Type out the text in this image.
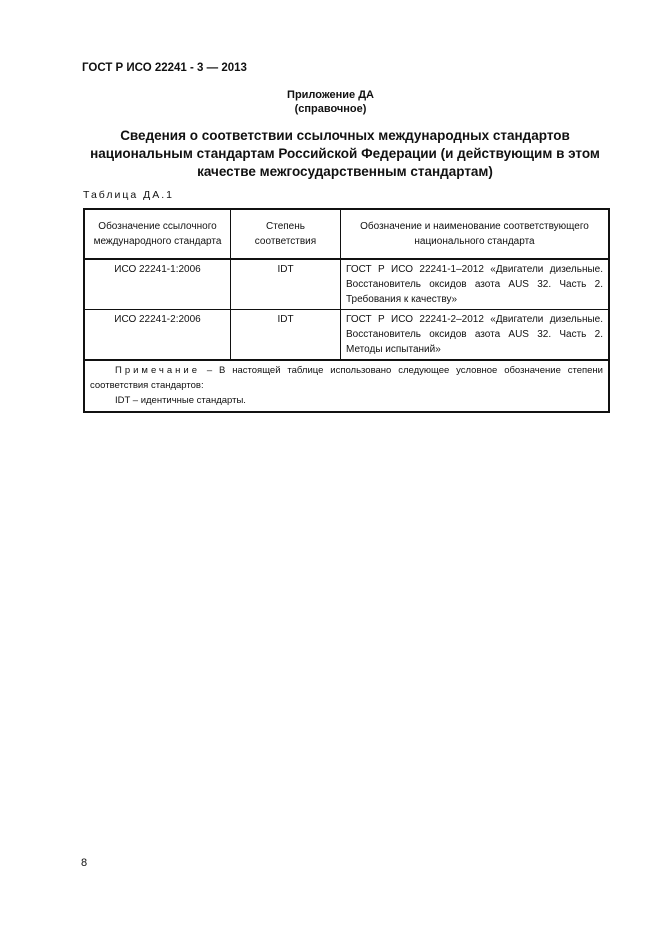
ГОСТ Р ИСО 22241 - 3 — 2013
Приложение ДА
(справочное)
Сведения о соответствии ссылочных международных стандартов национальным стандартам Российской Федерации (и действующим в этом качестве межгосударственным стандартам)
Таблица ДА.1
Обозначение ссылочного международного стандарта	Степень соответствия	Обозначение и наименование соответствующего национального стандарта
ИСО 22241-1:2006	IDT	ГОСТ Р ИСО 22241-1–2012 «Двигатели дизельные. Восстановитель оксидов азота AUS 32. Часть 2. Требования к качеству»
ИСО 22241-2:2006	IDT	ГОСТ Р ИСО 22241-2–2012 «Двигатели дизельные. Восстановитель оксидов азота AUS 32. Часть 2. Методы испытаний»

Примечание – В настоящей таблице использовано следующее условное обозначение степени соответствия стандартов:

IDT – идентичные стандарты.		

8
